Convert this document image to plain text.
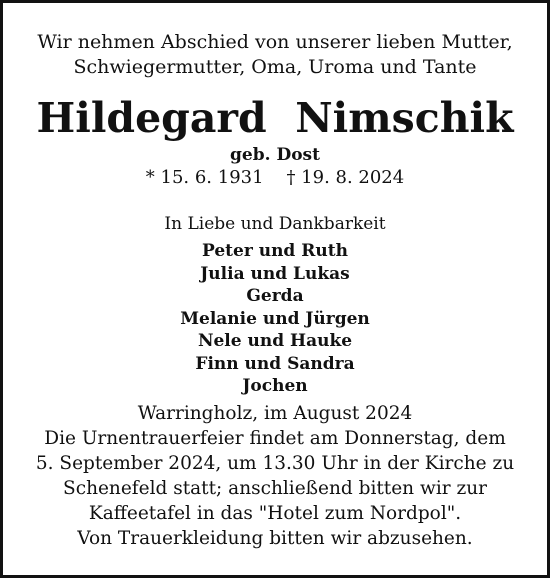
Wir nehmen Abschied von unserer lieben Mutter,
Schwiegermutter, Oma, Uroma und Tante
Hildegard  Nimschik
geb. Dost
* 15. 6. 1931    † 19. 8. 2024
In Liebe und Dankbarkeit
Peter und Ruth
Julia und Lukas
Gerda
Melanie und Jürgen
Nele und Hauke
Finn und Sandra
Jochen
Warringholz, im August 2024
Die Urnentrauerfeier findet am Donnerstag, dem
5. September 2024, um 13.30 Uhr in der Kirche zu
Schenefeld statt; anschließend bitten wir zur
Kaffeetafel in das "Hotel zum Nordpol".
Von Trauerkleidung bitten wir abzusehen.
